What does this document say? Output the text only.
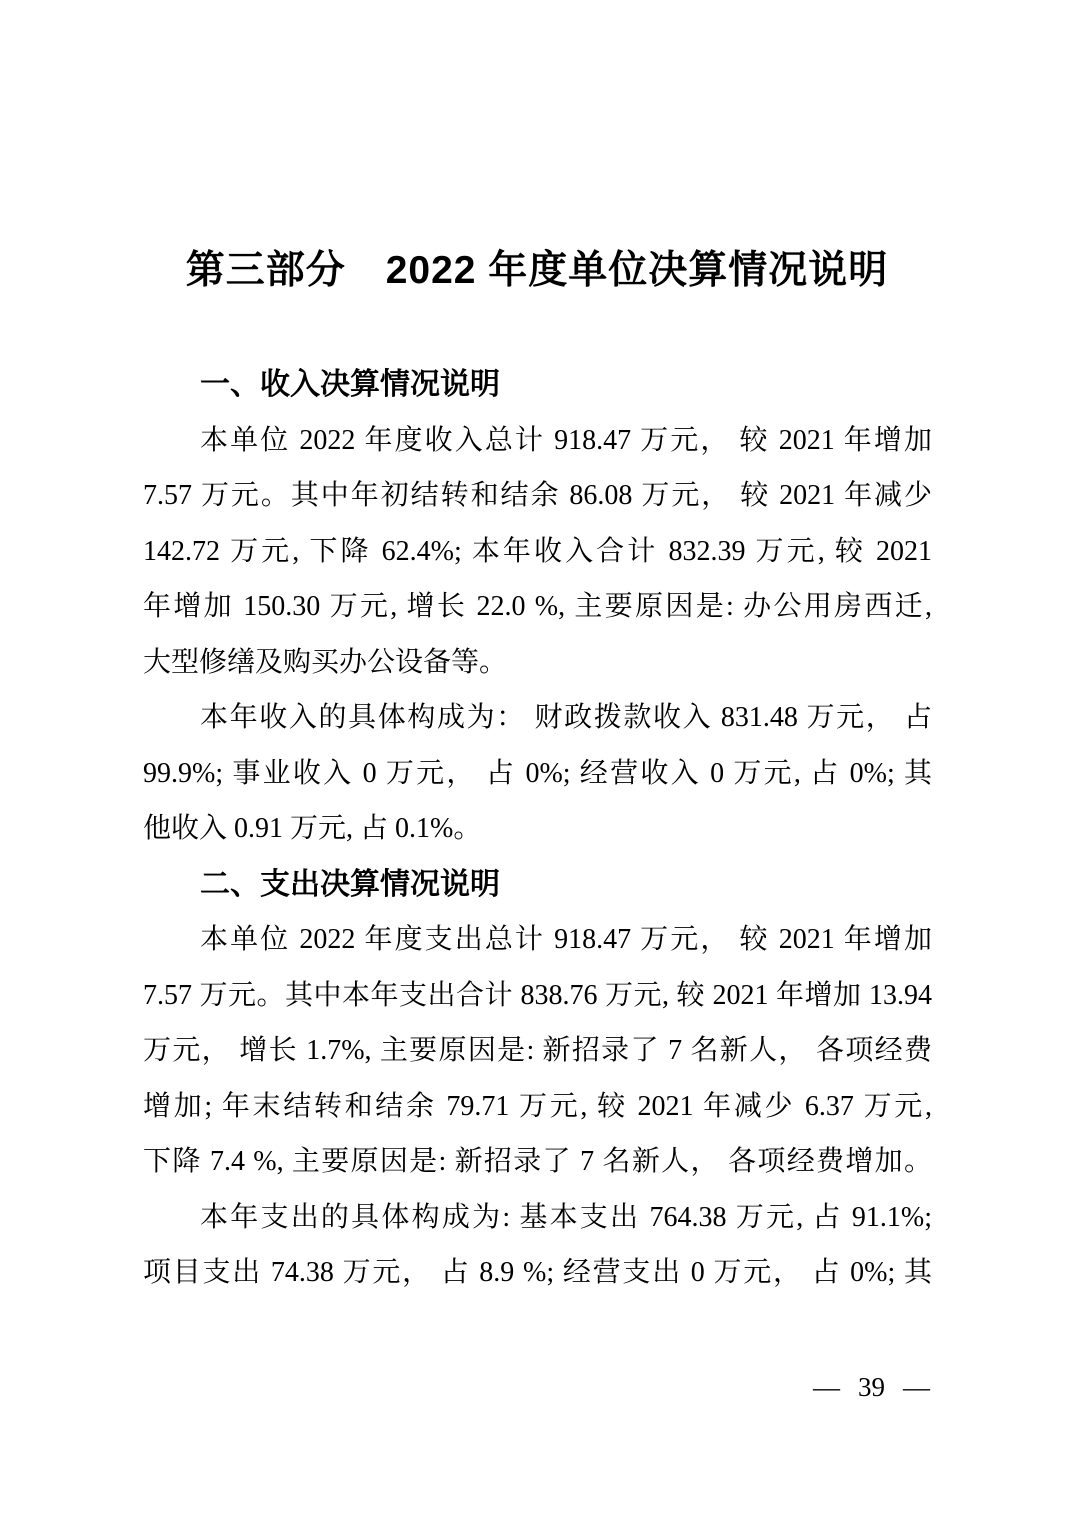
第三部分　2022 年度单位决算情况说明
一、收入决算情况说明
本单位 2022 年度收入总计 918.47 万元， 较 2021 年增加
7.57 万元。其中年初结转和结余 86.08 万元， 较 2021 年减少
142.72 万元, 下降 62.4%; 本年收入合计 832.39 万元, 较 2021
年增加 150.30 万元, 增长 22.0 %, 主要原因是: 办公用房西迁,
大型修缮及购买办公设备等。
本年收入的具体构成为： 财政拨款收入 831.48 万元， 占
99.9%; 事业收入 0 万元， 占 0%; 经营收入 0 万元, 占 0%; 其
他收入 0.91 万元, 占 0.1%。
二、支出决算情况说明
本单位 2022 年度支出总计 918.47 万元， 较 2021 年增加
7.57 万元。其中本年支出合计 838.76 万元, 较 2021 年增加 13.94
万元， 增长 1.7%, 主要原因是: 新招录了 7 名新人， 各项经费
增加; 年末结转和结余 79.71 万元, 较 2021 年减少 6.37 万元,
下降 7.4 %, 主要原因是: 新招录了 7 名新人， 各项经费增加。
本年支出的具体构成为: 基本支出 764.38 万元, 占 91.1%;
项目支出 74.38 万元， 占 8.9 %; 经营支出 0 万元， 占 0%; 其
— 39 —
